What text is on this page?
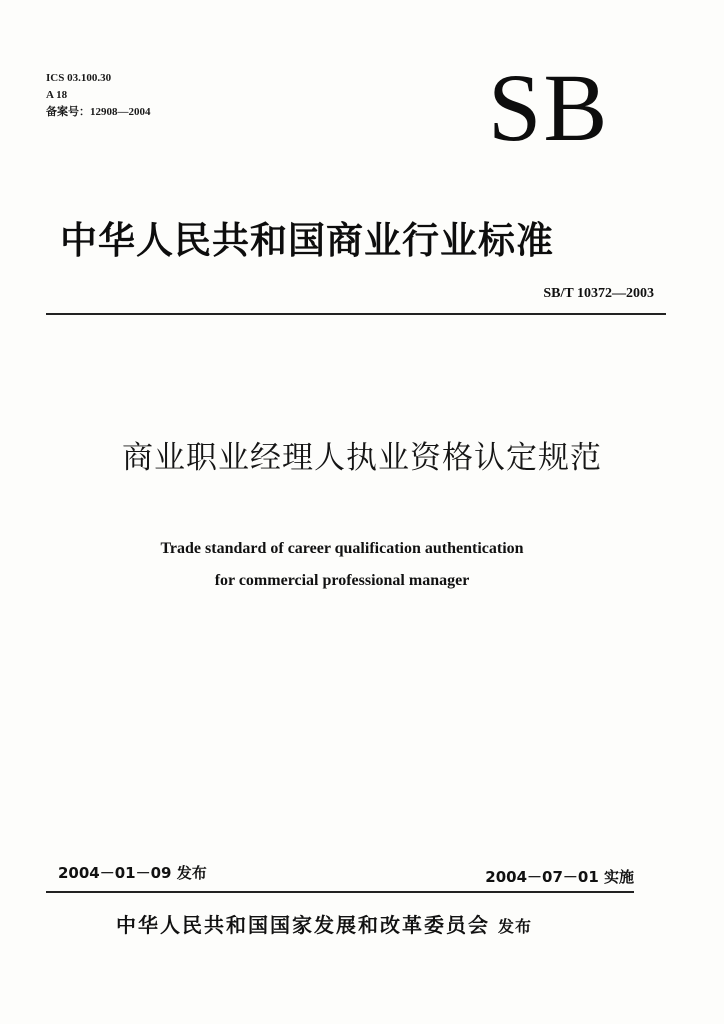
ICS 03.100.30
A 18
备案号：12908—2004	SB
中华人民共和国商业行业标准
SB/T 10372—2003
商业职业经理人执业资格认定规范
Trade standard of career qualification authentication
for commercial professional manager
2004－01－09 发布	2004－07－01 实施
中华人民共和国国家发展和改革委员会 发布
